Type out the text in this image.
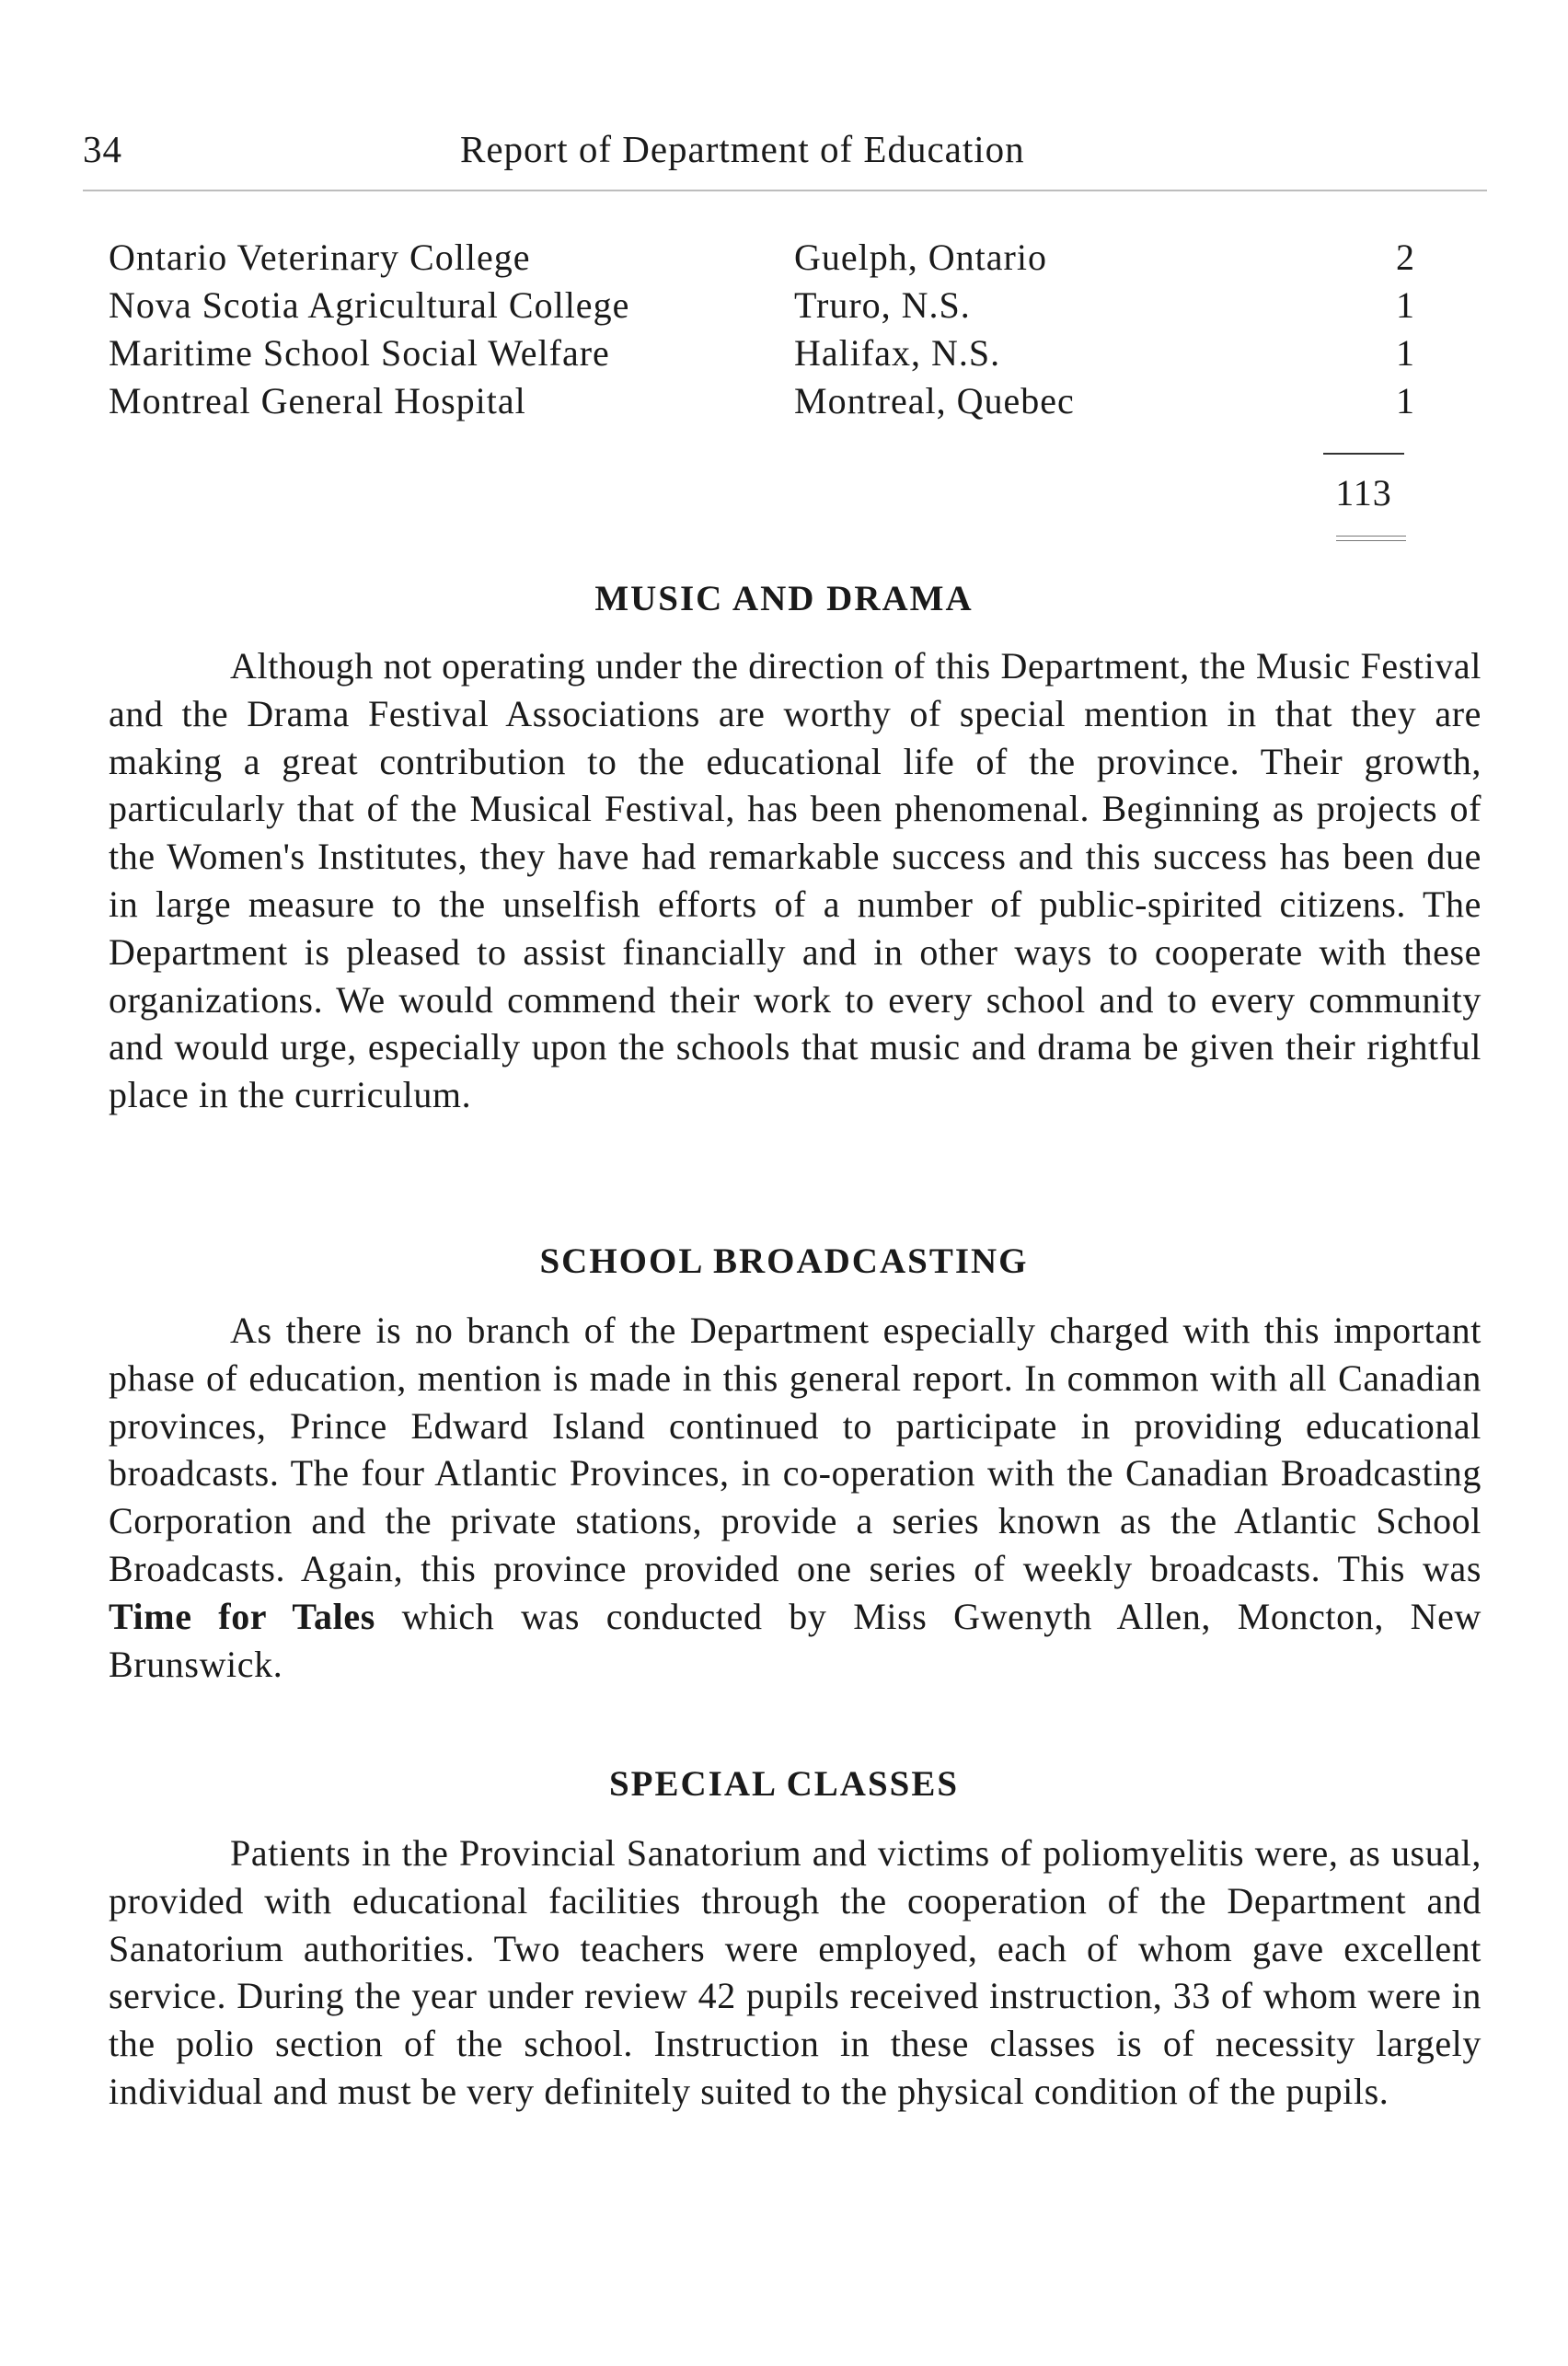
34	Report of Department of Education
Ontario Veterinary College	Guelph, Ontario	2
Nova Scotia Agricultural College	Truro, N.S.	1
Maritime School Social Welfare	Halifax, N.S.	1
Montreal General Hospital	Montreal, Quebec	1
113
MUSIC AND DRAMA

Although not operating under the direction of this Department, the Music Festival and the Drama Festival Associations are worthy of special mention in that they are making a great contribution to the educational life of the province. Their growth, particularly that of the Musical Festival, has been phenomenal. Beginning as projects of the Women's Institutes, they have had remarkable success and this success has been due in large measure to the unselfish efforts of a number of public-spirited citizens. The Department is pleased to assist financially and in other ways to cooperate with these organizations. We would commend their work to every school and to every community and would urge, especially upon the schools that music and drama be given their rightful place in the curriculum.

SCHOOL BROADCASTING

As there is no branch of the Department especially charged with this important phase of education, mention is made in this general report. In common with all Canadian provinces, Prince Edward Island continued to participate in providing educational broadcasts. The four Atlantic Provinces, in co-operation with the Canadian Broadcasting Corporation and the private stations, provide a series known as the Atlantic School Broadcasts. Again, this province provided one series of weekly broadcasts. This was Time for Tales which was conducted by Miss Gwenyth Allen, Moncton, New Brunswick.

SPECIAL CLASSES

Patients in the Provincial Sanatorium and victims of poliomyelitis were, as usual, provided with educational facilities through the cooperation of the Department and Sanatorium authorities. Two teachers were employed, each of whom gave excellent service. During the year under review 42 pupils received instruction, 33 of whom were in the polio section of the school. Instruction in these classes is of necessity largely individual and must be very definitely suited to the physical condition of the pupils.
